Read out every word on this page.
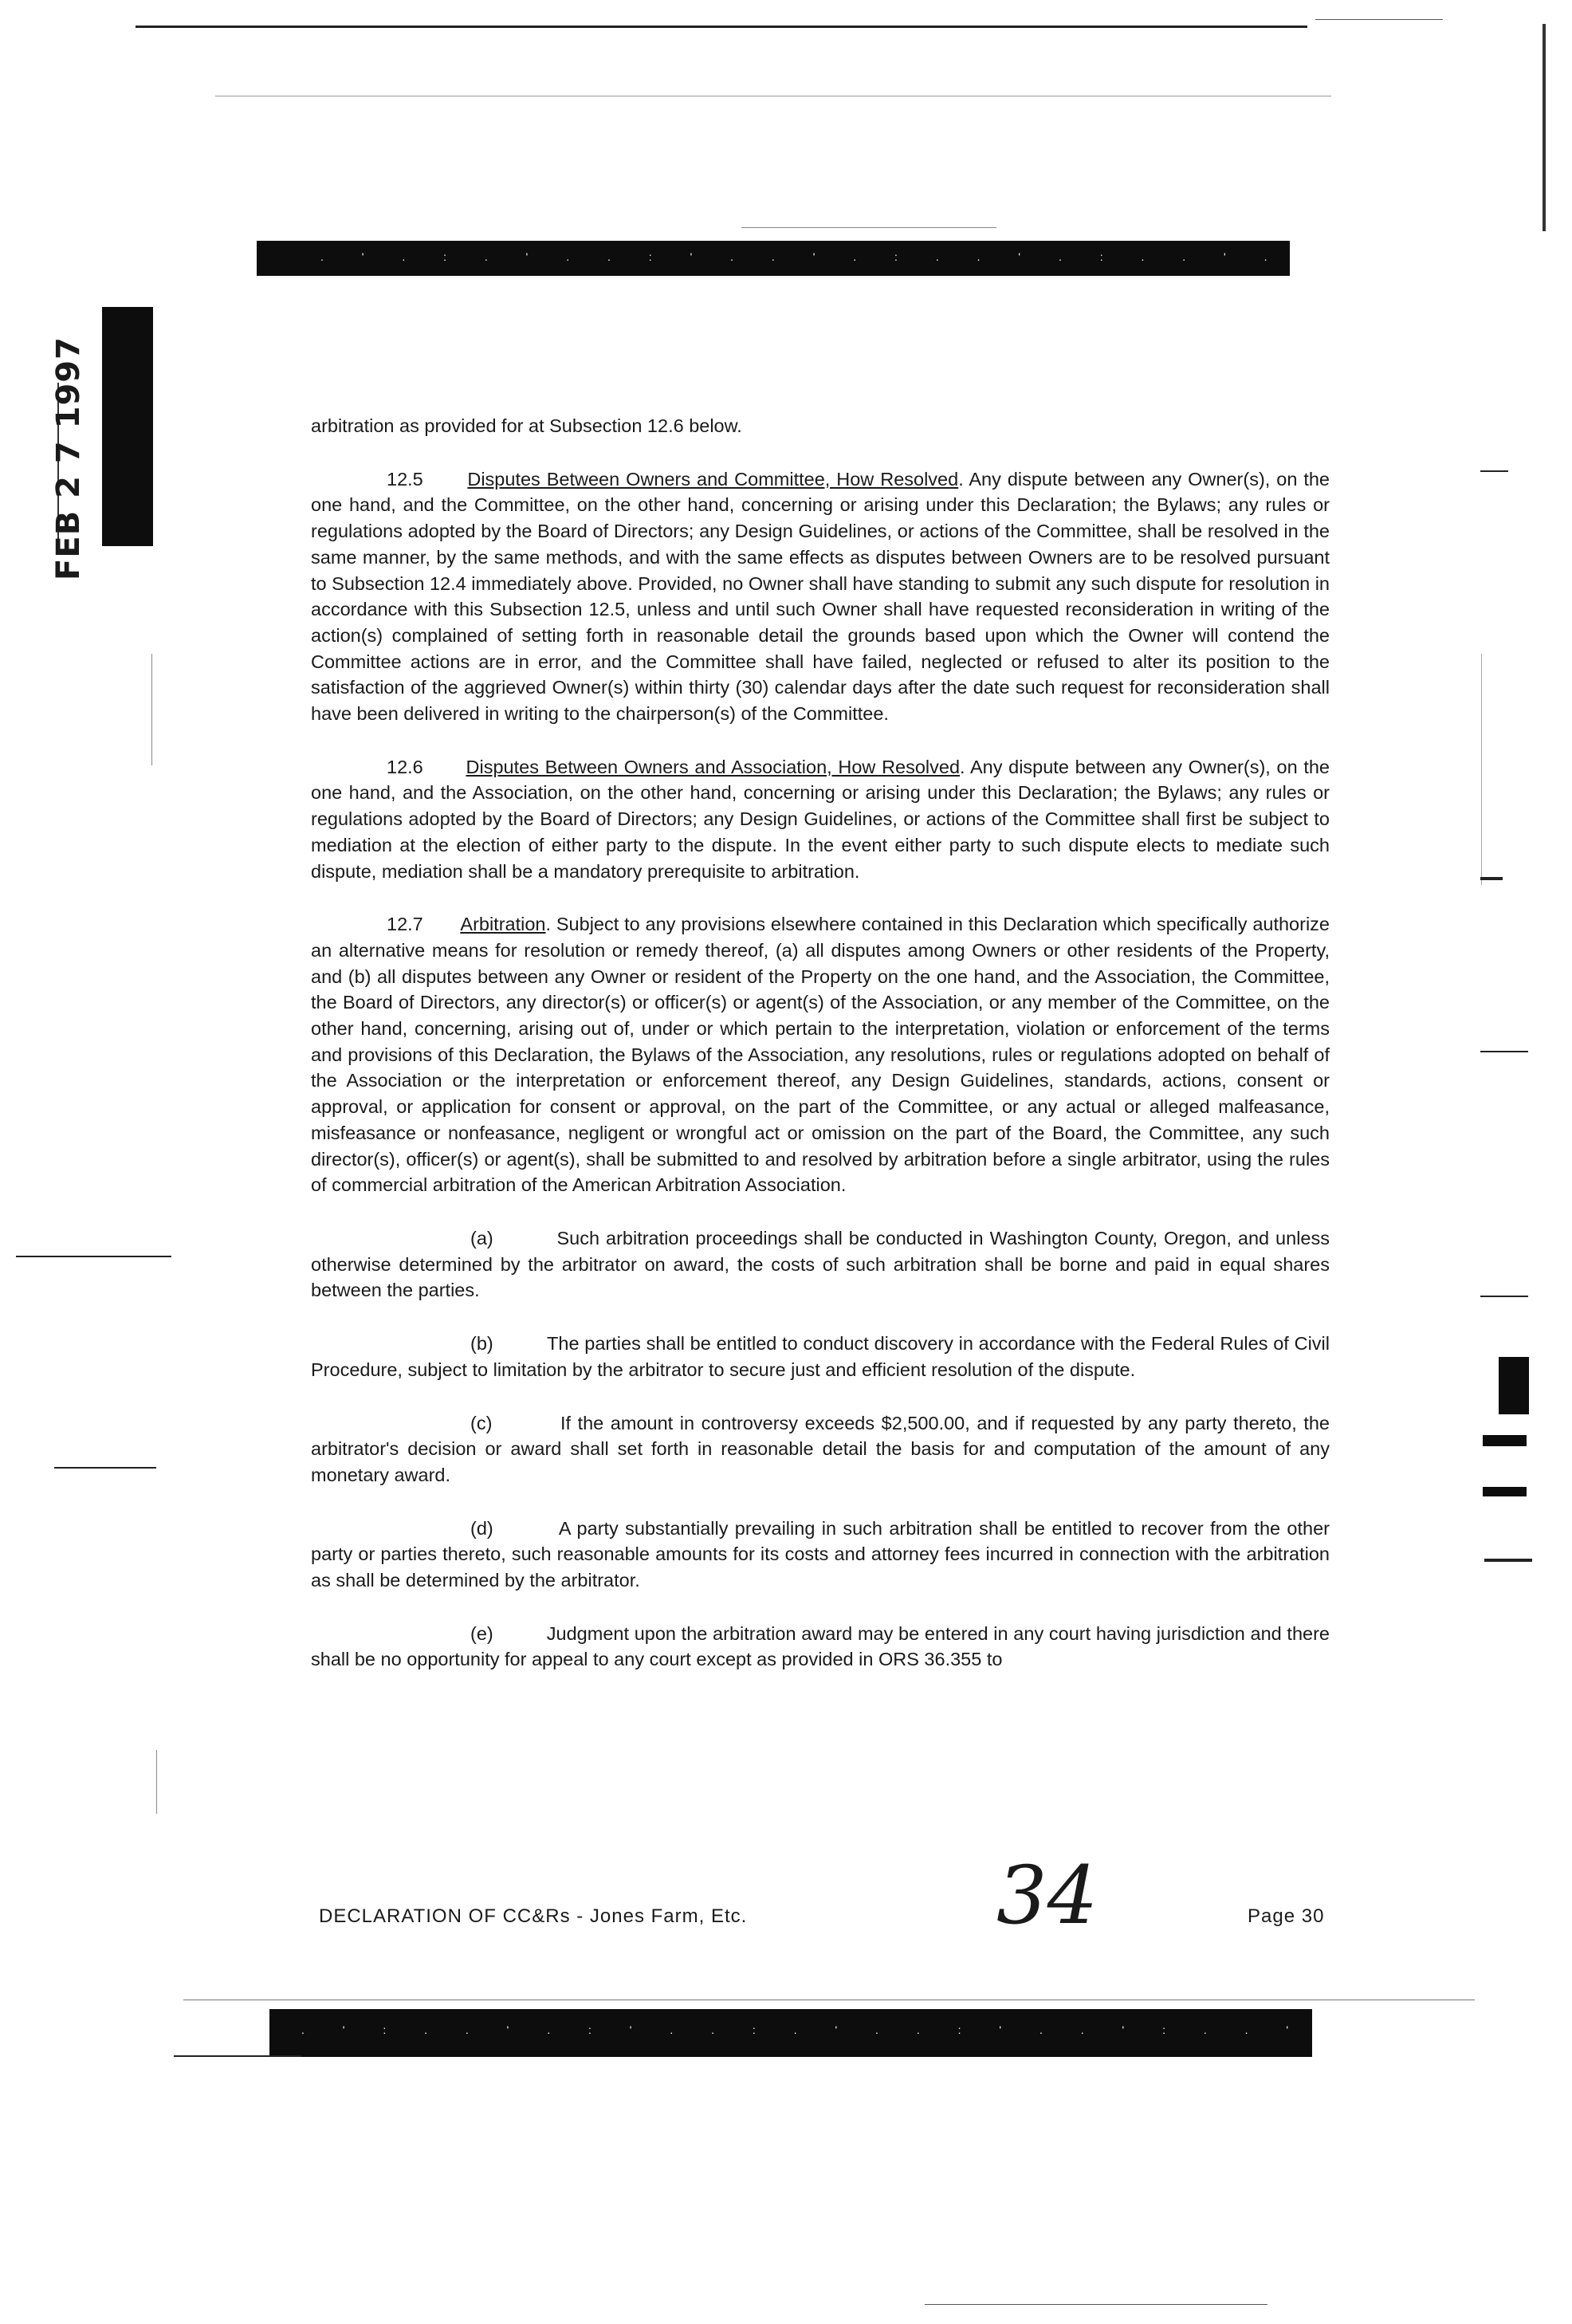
. ' . : . ' . . : ' . . ' . : . . ' . : . . ' . ' . : . . ' .
FEB 2 7 1997	arbitration as provided for at Subsection 12.6 below.

12.5 Disputes Between Owners and Committee, How Resolved. Any dispute between any Owner(s), on the one hand, and the Committee, on the other hand, concerning or arising under this Declaration; the Bylaws; any rules or regulations adopted by the Board of Directors; any Design Guidelines, or actions of the Committee, shall be resolved in the same manner, by the same methods, and with the same effects as disputes between Owners are to be resolved pursuant to Subsection 12.4 immediately above. Provided, no Owner shall have standing to submit any such dispute for resolution in accordance with this Subsection 12.5, unless and until such Owner shall have requested reconsideration in writing of the action(s) complained of setting forth in reasonable detail the grounds based upon which the Owner will contend the Committee actions are in error, and the Committee shall have failed, neglected or refused to alter its position to the satisfaction of the aggrieved Owner(s) within thirty (30) calendar days after the date such request for reconsideration shall have been delivered in writing to the chairperson(s) of the Committee.

12.6 Disputes Between Owners and Association, How Resolved. Any dispute between any Owner(s), on the one hand, and the Association, on the other hand, concerning or arising under this Declaration; the Bylaws; any rules or regulations adopted by the Board of Directors; any Design Guidelines, or actions of the Committee shall first be subject to mediation at the election of either party to the dispute. In the event either party to such dispute elects to mediate such dispute, mediation shall be a mandatory prerequisite to arbitration.

12.7 Arbitration. Subject to any provisions elsewhere contained in this Declaration which specifically authorize an alternative means for resolution or remedy thereof, (a) all disputes among Owners or other residents of the Property, and (b) all disputes between any Owner or resident of the Property on the one hand, and the Association, the Committee, the Board of Directors, any director(s) or officer(s) or agent(s) of the Association, or any member of the Committee, on the other hand, concerning, arising out of, under or which pertain to the interpretation, violation or enforcement of the terms and provisions of this Declaration, the Bylaws of the Association, any resolutions, rules or regulations adopted on behalf of the Association or the interpretation or enforcement thereof, any Design Guidelines, standards, actions, consent or approval, or application for consent or approval, on the part of the Committee, or any actual or alleged malfeasance, misfeasance or nonfeasance, negligent or wrongful act or omission on the part of the Board, the Committee, any such director(s), officer(s) or agent(s), shall be submitted to and resolved by arbitration before a single arbitrator, using the rules of commercial arbitration of the American Arbitration Association.

(a)	Such arbitration proceedings shall be conducted in Washington County, Oregon, and unless otherwise determined by the arbitrator on award, the costs of such arbitration shall be borne and paid in equal shares between the parties.

(b)	The parties shall be entitled to conduct discovery in accordance with the Federal Rules of Civil Procedure, subject to limitation by the arbitrator to secure just and efficient resolution of the dispute.

(c)	If the amount in controversy exceeds $2,500.00, and if requested by any party thereto, the arbitrator's decision or award shall set forth in reasonable detail the basis for and computation of the amount of any monetary award.

(d)	A party substantially prevailing in such arbitration shall be entitled to recover from the other party or parties thereto, such reasonable amounts for its costs and attorney fees incurred in connection with the arbitration as shall be determined by the arbitrator.

(e)	Judgment upon the arbitration award may be entered in any court having jurisdiction and there shall be no opportunity for appeal to any court except as provided in ORS 36.355 to

DECLARATION OF CC&Rs - Jones Farm, Etc.	34	Page 30
. ' : . . ' . : ' . . : . ' . . : ' . . ' : . . ' . : . ' . .
